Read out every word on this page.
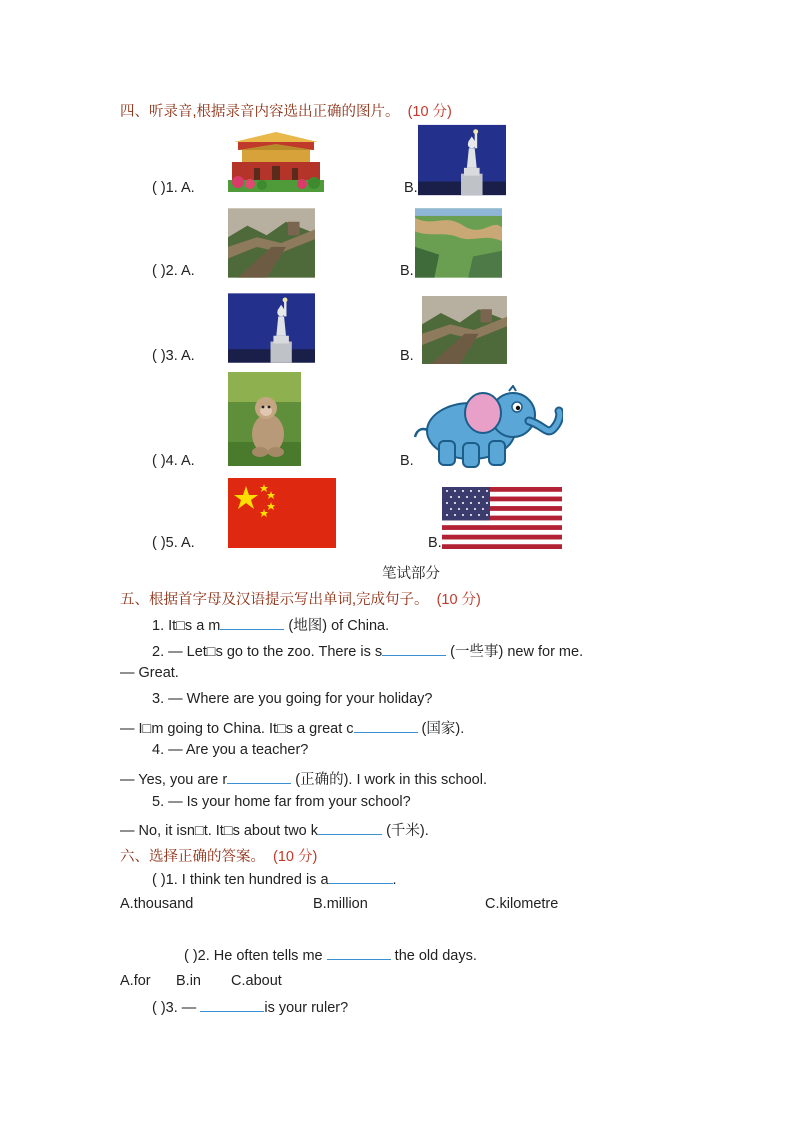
四、听录音,根据录音内容选出正确的图片。 (10 分)
( )1. A.	B.
( )2. A.	B.
( )3. A.	B.
( )4. A.	B.
( )5. A.	B.
笔试部分
五、根据首字母及汉语提示写出单词,完成句子。 (10 分)
1. It□s a m	(地图) of China.
2. — Let□s go to the zoo. There is s	(一些事) new for me.
— Great.
3. — Where are you going for your holiday?
— I□m going to China. It□s a great c	(国家).
4. — Are you a teacher?
— Yes, you are r	(正确的). I work in this school.
5. — Is your home far from your school?
— No, it isn□t. It□s about two k	(千米).
六、选择正确的答案。 (10 分)
( )1. I think ten hundred is a	.
A.thousand	B.million	C.kilometre
( )2. He often tells me	the old days.
A.for B.in C.about
( )3. —	is your ruler?
